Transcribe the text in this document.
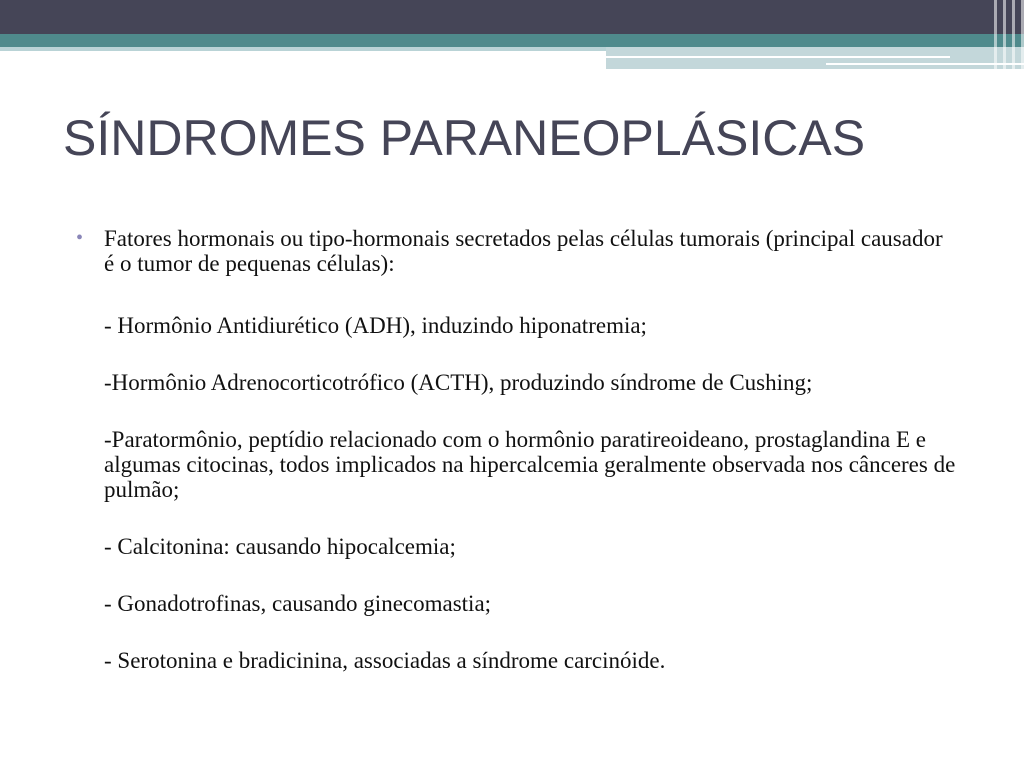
SÍNDROMES PARANEOPLÁSICAS
• Fatores hormonais ou tipo-hormonais secretados pelas células tumorais (principal causador é o tumor de pequenas células):
- Hormônio Antidiurético (ADH), induzindo hiponatremia;
-Hormônio Adrenocorticotrófico (ACTH), produzindo síndrome de Cushing;
-Paratormônio, peptídio relacionado com o hormônio paratireoideano, prostaglandina E e algumas citocinas, todos implicados na hipercalcemia geralmente observada nos cânceres de pulmão;
- Calcitonina: causando hipocalcemia;
- Gonadotrofinas, causando ginecomastia;
- Serotonina e bradicinina, associadas a síndrome carcinóide.
